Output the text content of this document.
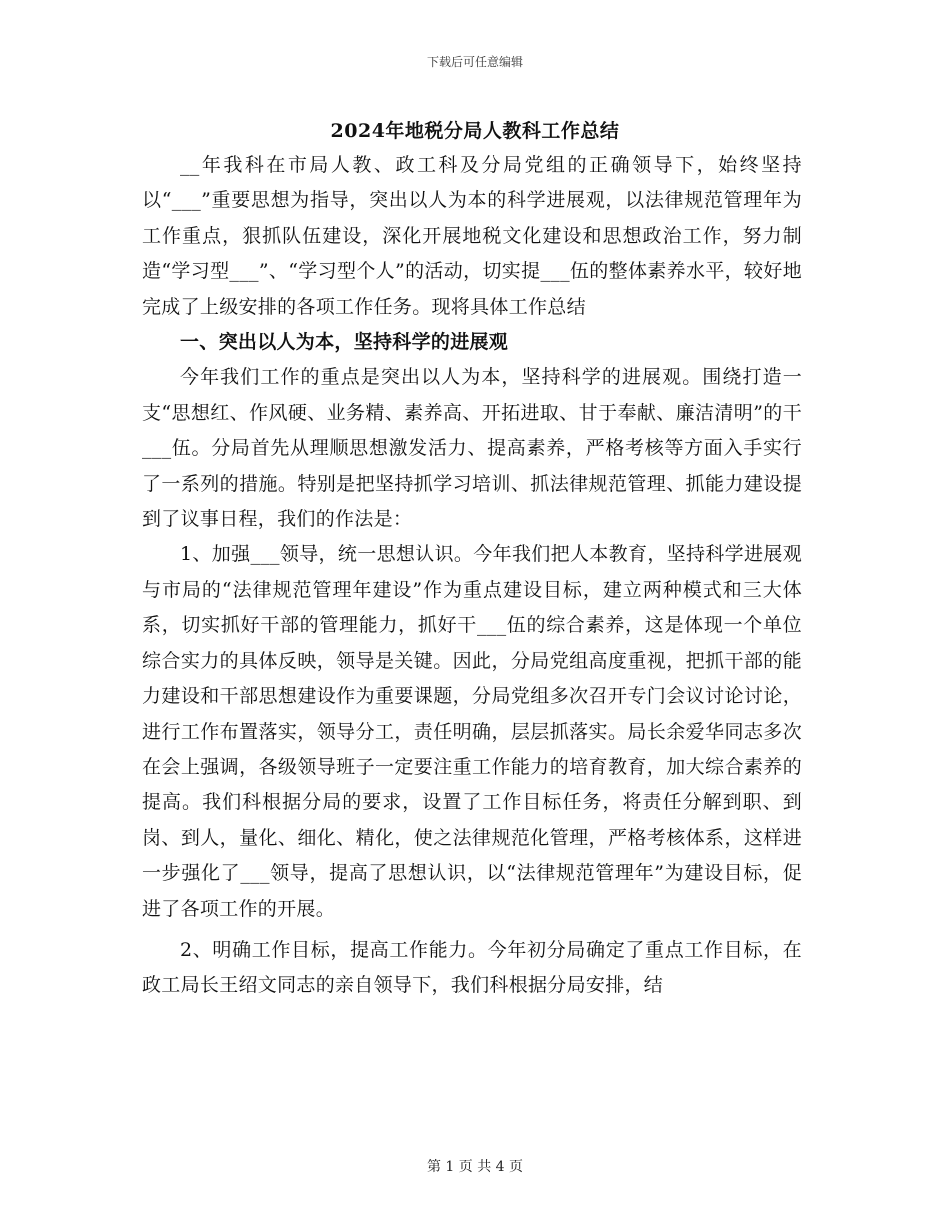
下载后可任意编辑
2024年地税分局人教科工作总结

__年我科在市局人教、政工科及分局党组的正确领导下，始终坚持以“___”重要思想为指导，突出以人为本的科学进展观，以法律规范管理年为工作重点，狠抓队伍建设，深化开展地税文化建设和思想政治工作，努力制造“学习型___”、“学习型个人”的活动，切实提___伍的整体素养水平，较好地完成了上级安排的各项工作任务。现将具体工作总结

一、突出以人为本，坚持科学的进展观

今年我们工作的重点是突出以人为本，坚持科学的进展观。围绕打造一支“思想红、作风硬、业务精、素养高、开拓进取、甘于奉献、廉洁清明”的干___伍。分局首先从理顺思想激发活力、提高素养，严格考核等方面入手实行了一系列的措施。特别是把坚持抓学习培训、抓法律规范管理、抓能力建设提到了议事日程，我们的作法是：

1、加强___领导，统一思想认识。今年我们把人本教育，坚持科学进展观与市局的“法律规范管理年建设”作为重点建设目标，建立两种模式和三大体系，切实抓好干部的管理能力，抓好干___伍的综合素养，这是体现一个单位综合实力的具体反映，领导是关键。因此，分局党组高度重视，把抓干部的能力建设和干部思想建设作为重要课题，分局党组多次召开专门会议讨论讨论，进行工作布置落实，领导分工，责任明确，层层抓落实。局长余爱华同志多次在会上强调，各级领导班子一定要注重工作能力的培育教育，加大综合素养的提高。我们科根据分局的要求，设置了工作目标任务，将责任分解到职、到岗、到人，量化、细化、精化，使之法律规范化管理，严格考核体系，这样进一步强化了___领导，提高了思想认识，以“法律规范管理年”为建设目标，促进了各项工作的开展。

2、明确工作目标，提高工作能力。今年初分局确定了重点工作目标，在政工局长王绍文同志的亲自领导下，我们科根据分局安排，结

第 1 页 共 4 页
